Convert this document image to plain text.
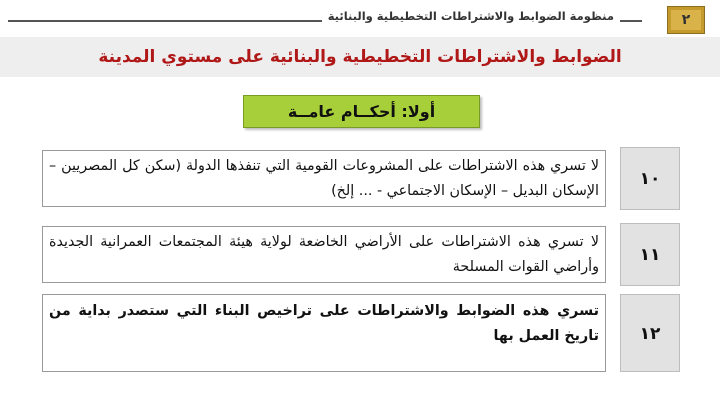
منظومة الضوابط والاشتراطات التخطيطية والبنائية	٢
الضوابط والاشتراطات التخطيطية والبنائية على مستوي المدينة
أولا: أحكــام عامــة
لا تسري هذه الاشتراطات على المشروعات القومية التي تنفذها الدولة (سكن كل المصريين – الإسكان البديل – الإسكان الاجتماعي - ... إلخ)
١٠
لا تسري هذه الاشتراطات على الأراضي الخاضعة لولاية هيئة المجتمعات العمرانية الجديدة وأراضي القوات المسلحة
١١
تسري هذه الضوابط والاشتراطات على تراخيص البناء التي ستصدر بداية من تاريخ العمل بها	١٢
